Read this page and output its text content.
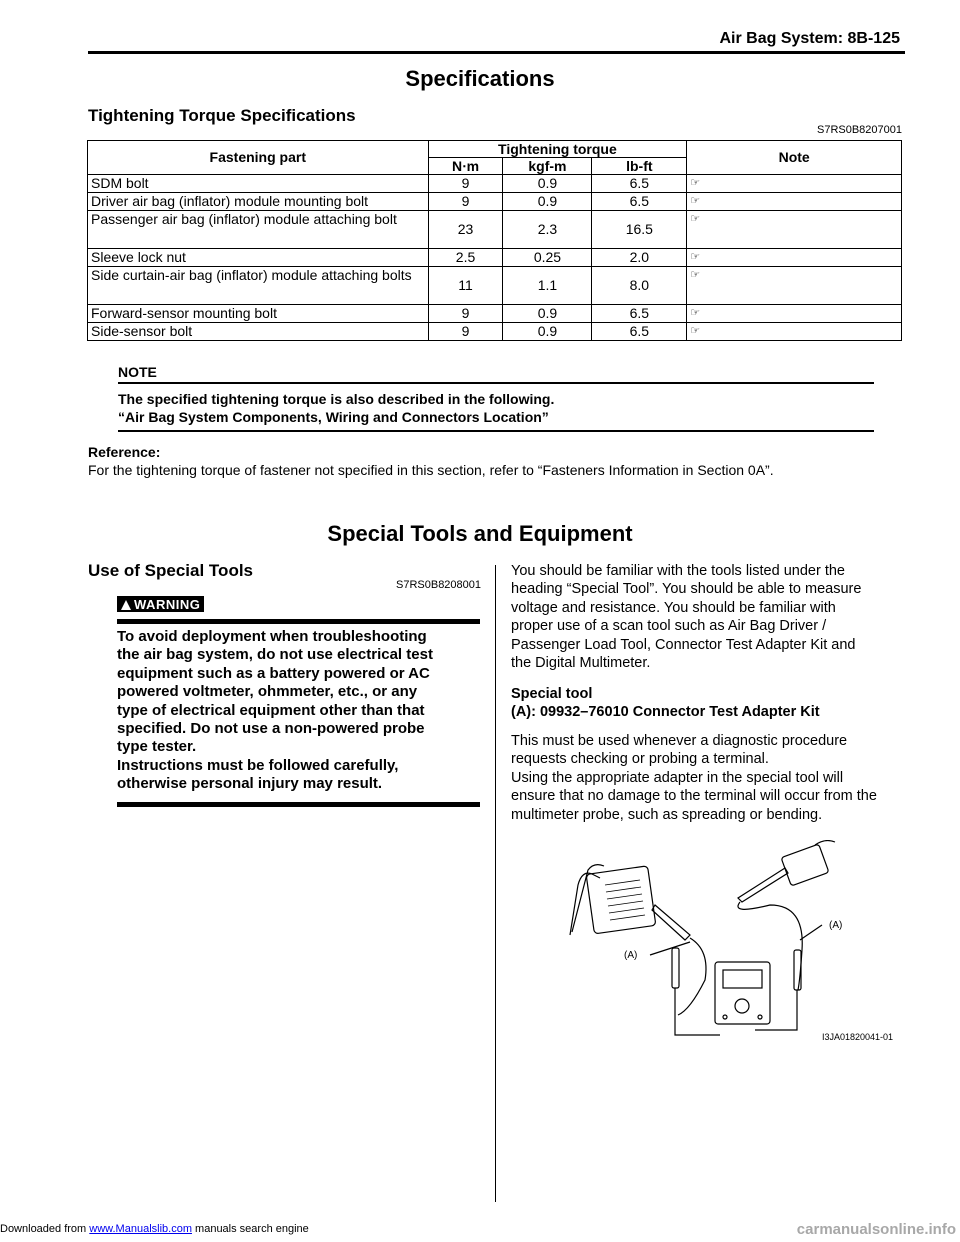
Air Bag System: 8B-125
Specifications
Tightening Torque Specifications
S7RS0B8207001
Fastening part	Tightening torque			Note
	N⋅m	kgf-m	lb-ft	
SDM bolt	9	0.9	6.5	☞
Driver air bag (inflator) module mounting bolt	9	0.9	6.5	☞
Passenger air bag (inflator) module attaching bolt	23	2.3	16.5	☞
Sleeve lock nut	2.5	0.25	2.0	☞
Side curtain-air bag (inflator) module attaching bolts	11	1.1	8.0	☞
Forward-sensor mounting bolt	9	0.9	6.5	☞
Side-sensor bolt	9	0.9	6.5	☞
NOTE
The specified tightening torque is also described in the following.
“Air Bag System Components, Wiring and Connectors Location”
Reference:
For the tightening torque of fastener not specified in this section, refer to “Fasteners Information in Section 0A”.
Special Tools and Equipment
Use of Special Tools
S7RS0B8208001
WARNING
To avoid deployment when troubleshooting
the air bag system, do not use electrical test
equipment such as a battery powered or AC
powered voltmeter, ohmmeter, etc., or any
type of electrical equipment other than that
specified. Do not use a non-powered probe
type tester.
Instructions must be followed carefully,
otherwise personal injury may result.
You should be familiar with the tools listed under the
heading “Special Tool”. You should be able to measure
voltage and resistance. You should be familiar with
proper use of a scan tool such as Air Bag Driver /
Passenger Load Tool, Connector Test Adapter Kit and
the Digital Multimeter.
Special tool
(A): 09932–76010 Connector Test Adapter Kit
This must be used whenever a diagnostic procedure
requests checking or probing a terminal.
Using the appropriate adapter in the special tool will
ensure that no damage to the terminal will occur from the
multimeter probe, such as spreading or bending.
(A)
(A)
I3JA01820041-01
Downloaded from www.Manualslib.com manuals search engine	carmanualsonline.info
